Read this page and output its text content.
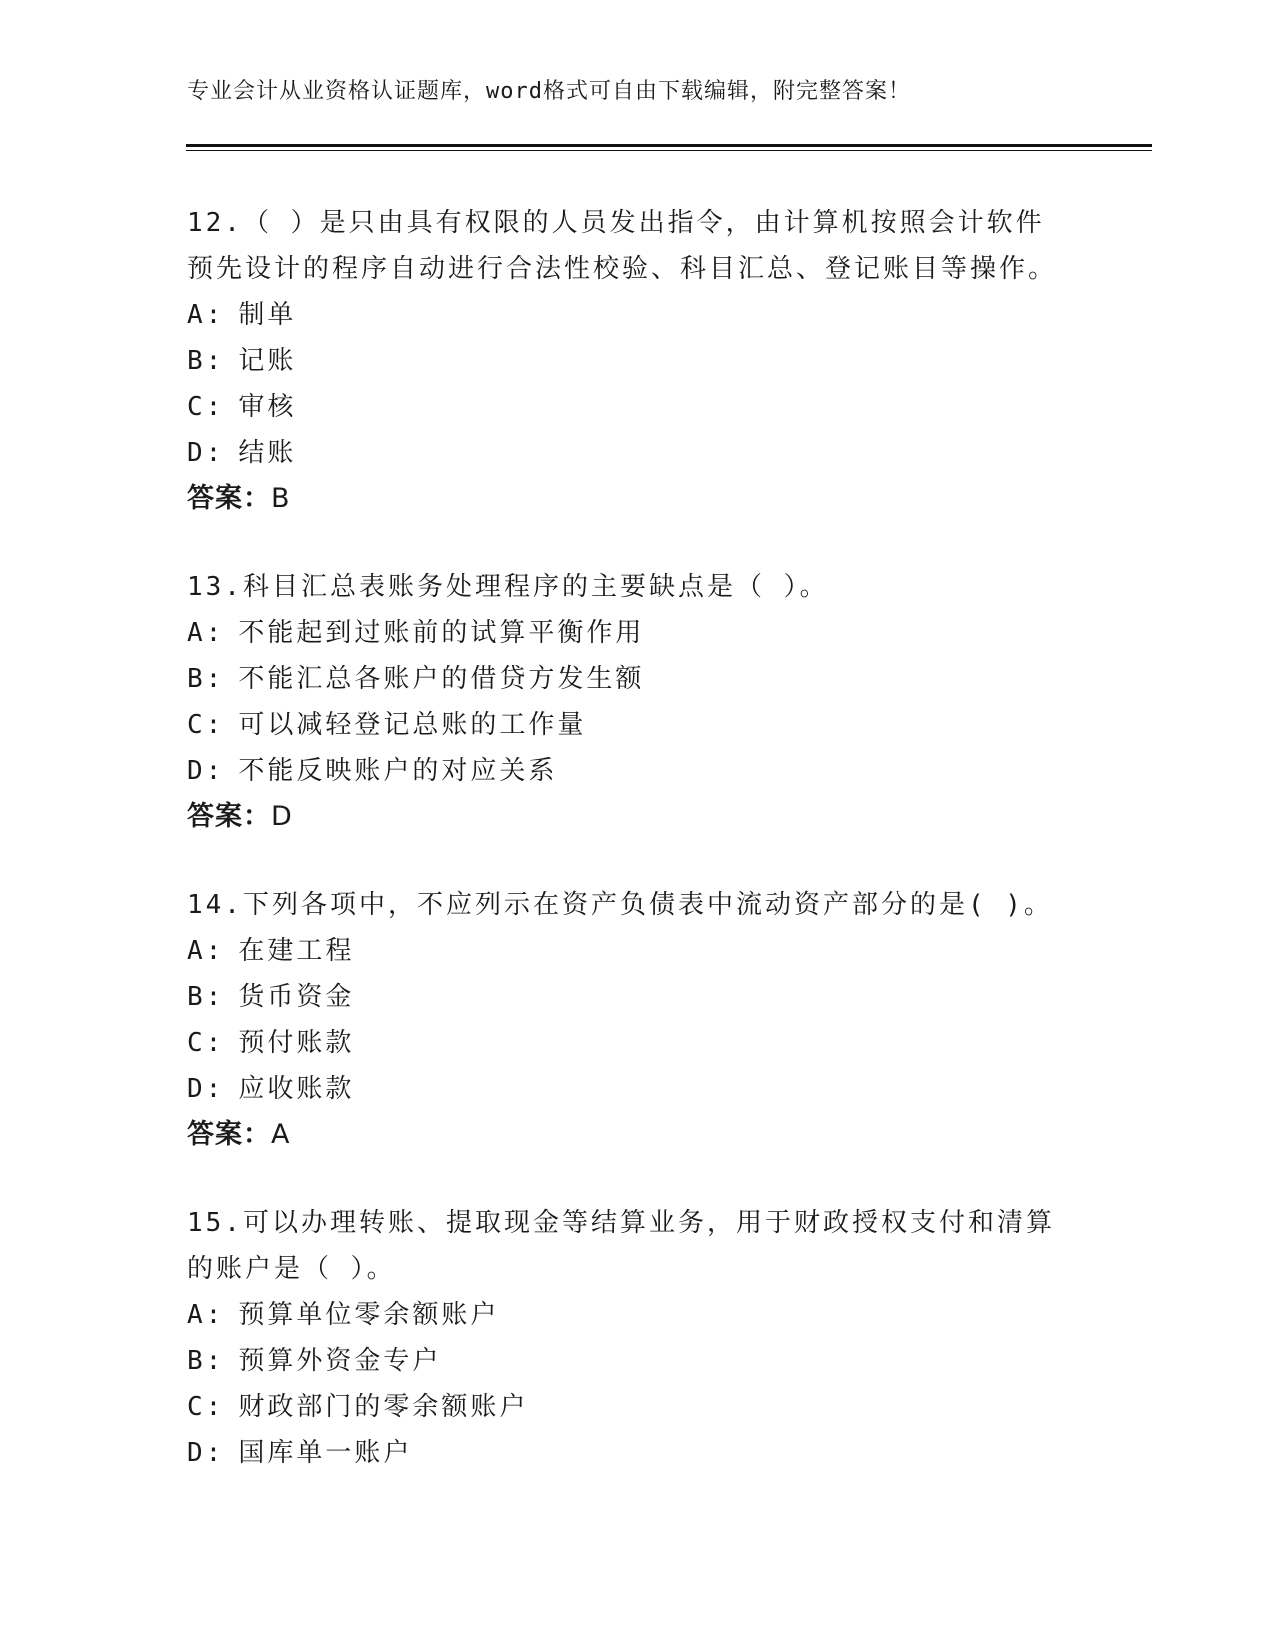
专业会计从业资格认证题库，word格式可自由下载编辑，附完整答案！
12.（ ）是只由具有权限的人员发出指令，由计算机按照会计软件预先设计的程序自动进行合法性校验、科目汇总、登记账目等操作。
A: 制单
B: 记账
C: 审核
D: 结账
答案：B
13.科目汇总表账务处理程序的主要缺点是（ ）。
A: 不能起到过账前的试算平衡作用
B: 不能汇总各账户的借贷方发生额
C: 可以减轻登记总账的工作量
D: 不能反映账户的对应关系
答案：D
14.下列各项中，不应列示在资产负债表中流动资产部分的是( )。
A: 在建工程
B: 货币资金
C: 预付账款
D: 应收账款
答案：A
15.可以办理转账、提取现金等结算业务，用于财政授权支付和清算的账户是（ ）。
A: 预算单位零余额账户
B: 预算外资金专户
C: 财政部门的零余额账户
D: 国库单一账户
